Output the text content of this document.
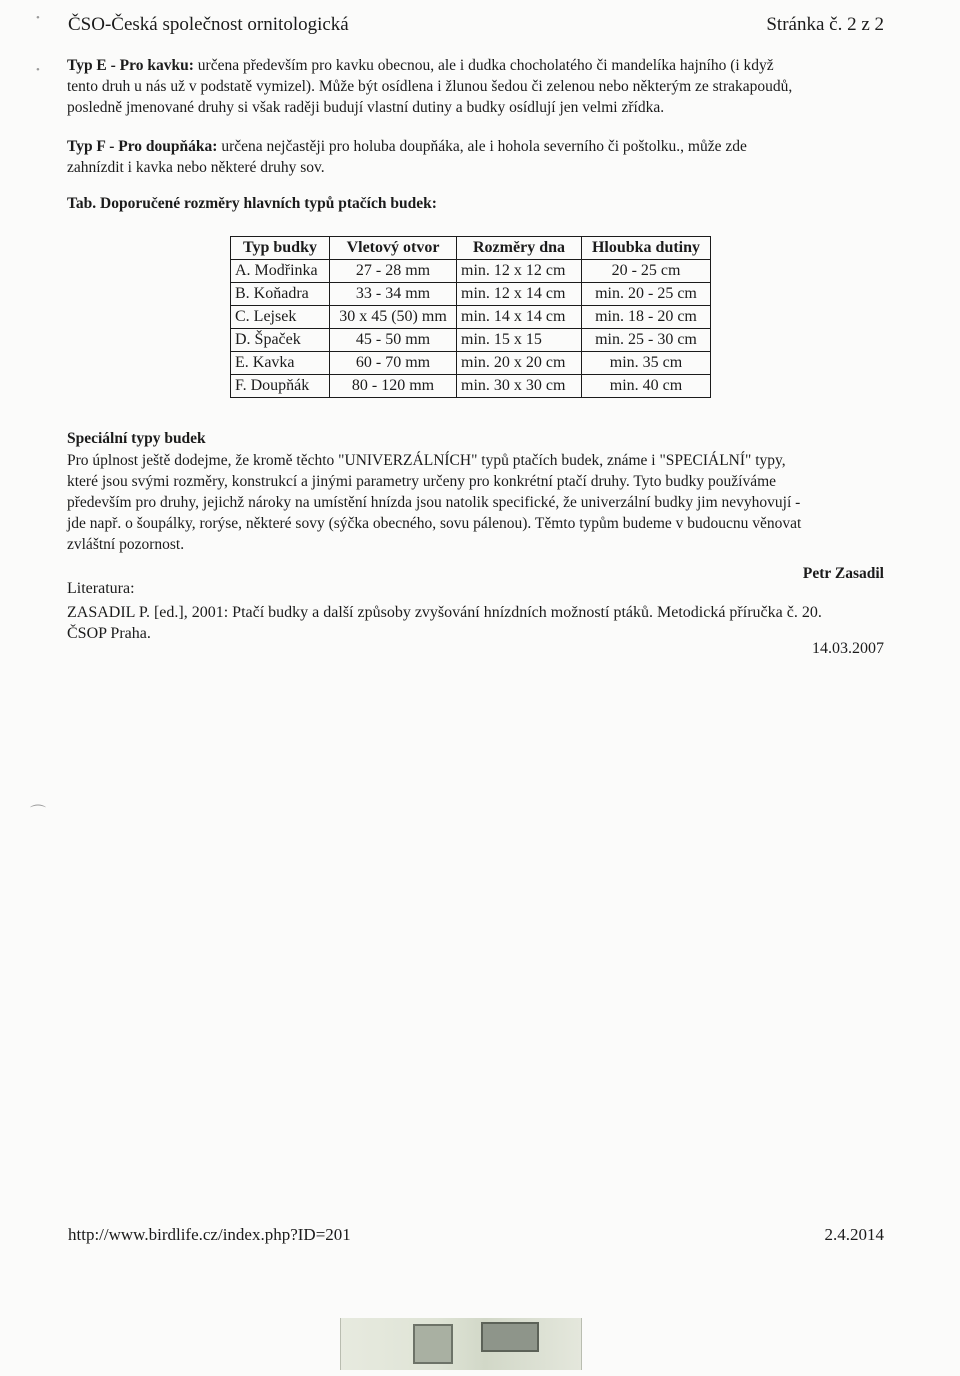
ČSO-Česká společnost ornitologická	Stránka č. 2 z 2

Typ E - Pro kavku: určena především pro kavku obecnou, ale i dudka chocholatého či mandelíka hajního (i když
tento druh u nás už v podstatě vymizel). Může být osídlena i žlunou šedou či zelenou nebo některým ze strakapoudů,
posledně jmenované druhy si však raději budují vlastní dutiny a budky osídlují jen velmi zřídka.

Typ F - Pro doupňáka: určena nejčastěji pro holuba doupňáka, ale i hohola severního či poštolku., může zde
zahnízdit i kavka nebo některé druhy sov.

Tab. Doporučené rozměry hlavních typů ptačích budek:
Typ budky	Vletový otvor	Rozměry dna	Hloubka dutiny
A. Modřinka	27 - 28 mm	min. 12 x 12 cm	20 - 25 cm
B. Koňadra	33 - 34 mm	min. 12 x 14 cm	min. 20 - 25 cm
C. Lejsek	30 x 45 (50) mm	min. 14 x 14 cm	min. 18 - 20 cm
D. Špaček	45 - 50 mm	min. 15 x 15	min. 25 - 30 cm
E. Kavka	60 - 70 mm	min. 20 x 20 cm	min. 35 cm
F. Doupňák	80 - 120 mm	min. 30 x 30 cm	min. 40 cm
Speciální typy budek

Pro úplnost ještě dodejme, že kromě těchto "UNIVERZÁLNÍCH" typů ptačích budek, známe i "SPECIÁLNÍ" typy,
které jsou svými rozměry, konstrukcí a jinými parametry určeny pro konkrétní ptačí druhy. Tyto budky používáme
především pro druhy, jejichž nároky na umístění hnízda jsou natolik specifické, že univerzální budky jim nevyhovují -
jde např. o šoupálky, rorýse, některé sovy (sýčka obecného, sovu pálenou). Těmto typům budeme v budoucnu věnovat
zvláštní pozornost.

Petr Zasadil
Literatura:

ZASADIL P. [ed.], 2001: Ptačí budky a další způsoby zvyšování hnízdních možností ptáků. Metodická příručka č. 20.
ČSOP Praha.

14.03.2007
•
•
⌒
http://www.birdlife.cz/index.php?ID=201	2.4.2014
